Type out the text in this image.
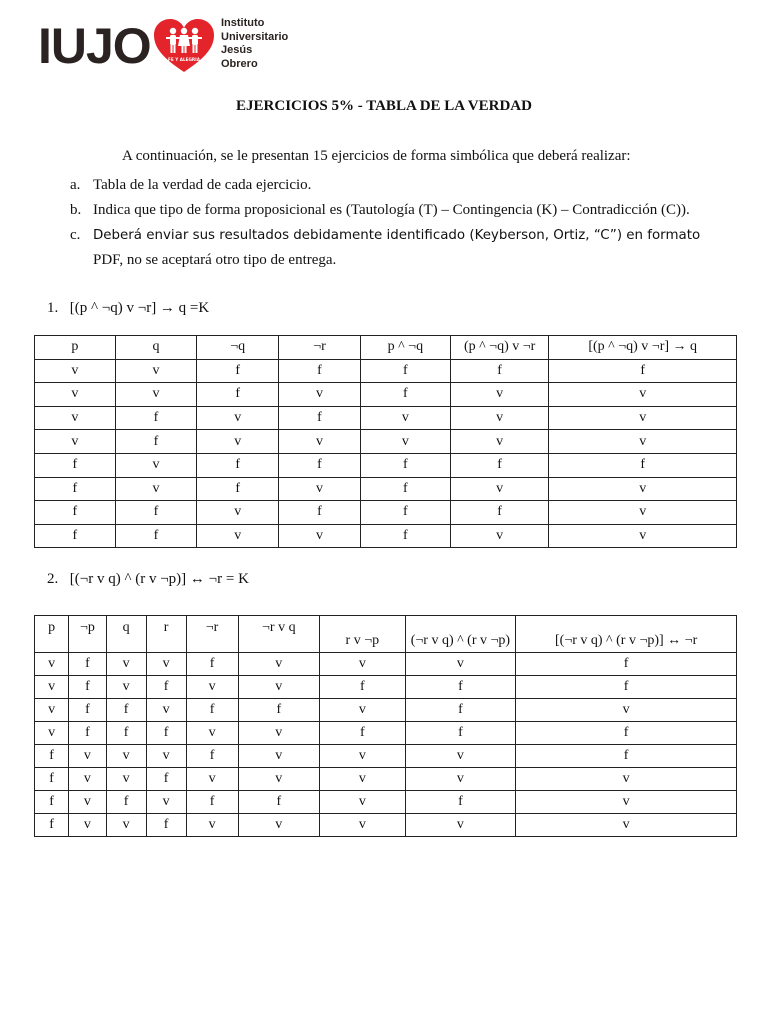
IUJO	FE Y ALEGRIA
Instituto
Universitario
Jesús
Obrero
EJERCICIOS 5% - TABLA DE LA VERDAD
A continuación, se le presentan 15 ejercicios de forma simbólica que deberá realizar:
a. Tabla de la verdad de cada ejercicio.
b. Indica que tipo de forma proposicional es (Tautología (T) – Contingencia (K) – Contradicción (C)).
c. Deberá enviar sus resultados debidamente identificado (Keyberson, Ortiz, “C”) en formato
PDF, no se aceptará otro tipo de entrega.
1. [(p ^ ¬q) v ¬r] → q =K
p	q	¬q	¬r	p ^ ¬q	(p ^ ¬q) v ¬r	[(p ^ ¬q) v ¬r] → q
v	v	f	f	f	f	f
v	v	f	v	f	v	v
v	f	v	f	v	v	v
v	f	v	v	v	v	v
f	v	f	f	f	f	f
f	v	f	v	f	v	v
f	f	v	f	f	f	v
f	f	v	v	f	v	v
2. [(¬r v q) ^ (r v ¬p)] ↔ ¬r = K
p	¬p	q	r	¬r	¬r v q	r v ¬p	(¬r v q) ^ (r v ¬p)	[(¬r v q) ^ (r v ¬p)] ↔ ¬r
v	f	v	v	f	v	v	v	f
v	f	v	f	v	v	f	f	f
v	f	f	v	f	f	v	f	v
v	f	f	f	v	v	f	f	f
f	v	v	v	f	v	v	v	f
f	v	v	f	v	v	v	v	v
f	v	f	v	f	f	v	f	v
f	v	v	f	v	v	v	v	v
